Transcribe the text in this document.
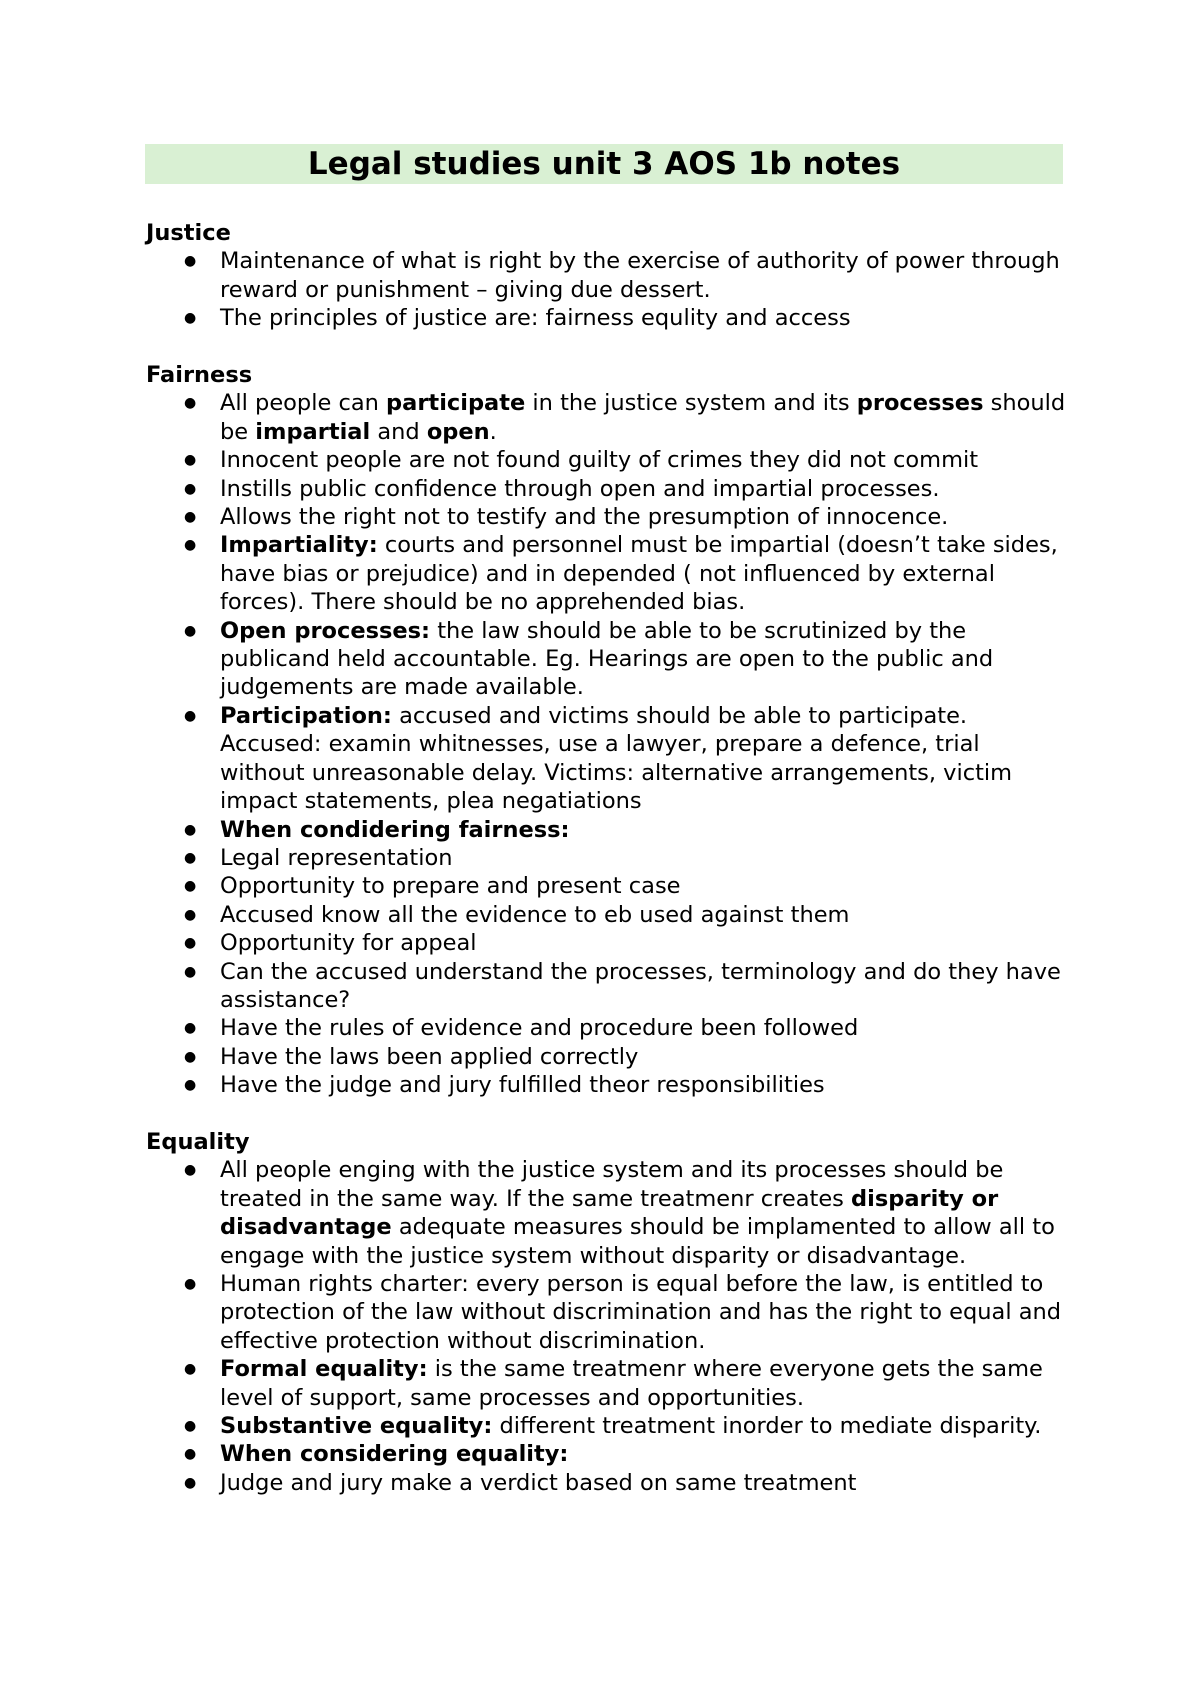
Legal studies unit 3 AOS 1b notes
Justice
● Maintenance of what is right by the exercise of authority of power through reward or punishment – giving due dessert.
● The principles of justice are: fairness equlity and access
Fairness
● All people can participate in the justice system and its processes should be impartial and open.
● Innocent people are not found guilty of crimes they did not commit
● Instills public confidence through open and impartial processes.
● Allows the right not to testify and the presumption of innocence.
● Impartiality: courts and personnel must be impartial (doesn’t take sides, have bias or prejudice) and in depended ( not influenced by external forces). There should be no apprehended bias.
● Open processes: the law should be able to be scrutinized by the publicand held accountable. Eg. Hearings are open to the public and judgements are made available.
● Participation: accused and victims should be able to participate. Accused: examin whitnesses, use a lawyer, prepare a defence, trial without unreasonable delay. Victims: alternative arrangements, victim impact statements, plea negatiations
● When condidering fairness:
● Legal representation
● Opportunity to prepare and present case
● Accused know all the evidence to eb used against them
● Opportunity for appeal
● Can the accused understand the processes, terminology and do they have assistance?
● Have the rules of evidence and procedure been followed
● Have the laws been applied correctly
● Have the judge and jury fulfilled theor responsibilities
Equality
● All people enging with the justice system and its processes should be treated in the same way. If the same treatmenr creates disparity or disadvantage adequate measures should be implamented to allow all to engage with the justice system without disparity or disadvantage.
● Human rights charter: every person is equal before the law, is entitled to protection of the law without discrimination and has the right to equal and effective protection without discrimination.
● Formal equality: is the same treatmenr where everyone gets the same level of support, same processes and opportunities.
● Substantive equality: different treatment inorder to mediate disparity.
● When considering equality:
● Judge and jury make a verdict based on same treatment
